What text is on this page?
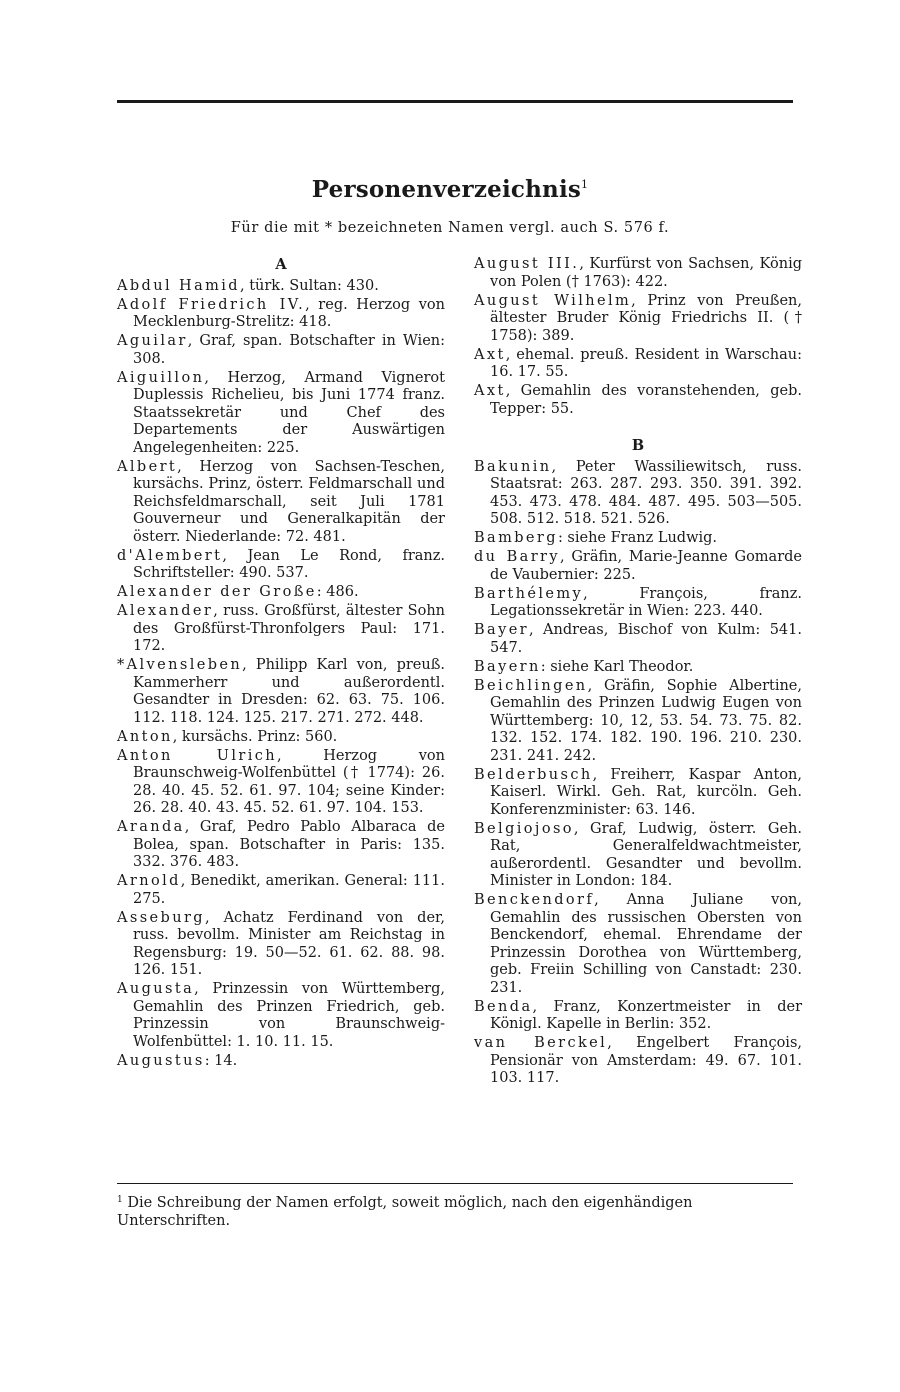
Personenverzeichnis$^1$
Für die mit * bezeichneten Namen vergl. auch S. 576 f.
A
Abdul Hamid, türk. Sultan: 430.
Adolf Friedrich IV., reg. Herzog von Mecklenburg-Strelitz: 418.
Aguilar, Graf, span. Botschafter in Wien: 308.
Aiguillon, Herzog, Armand Vignerot Duplessis Richelieu, bis Juni 1774 franz. Staatssekretär und Chef des Departements der Auswärtigen Angelegenheiten: 225.
Albert, Herzog von Sachsen-Teschen, kursächs. Prinz, österr. Feldmarschall und Reichsfeldmarschall, seit Juli 1781 Gouverneur und Generalkapitän der österr. Niederlande: 72. 481.
d'Alembert, Jean Le Rond, franz. Schriftsteller: 490. 537.
Alexander der Große: 486.
Alexander, russ. Großfürst, ältester Sohn des Großfürst-Thronfolgers Paul: 171. 172.
*Alvensleben, Philipp Karl von, preuß. Kammerherr und außerordentl. Gesandter in Dresden: 62. 63. 75. 106. 112. 118. 124. 125. 217. 271. 272. 448.
Anton, kursächs. Prinz: 560.
Anton Ulrich, Herzog von Braunschweig-Wolfenbüttel († 1774): 26. 28. 40. 45. 52. 61. 97. 104; seine Kinder: 26. 28. 40. 43. 45. 52. 61. 97. 104. 153.
Aranda, Graf, Pedro Pablo Albaraca de Bolea, span. Botschafter in Paris: 135. 332. 376. 483.
Arnold, Benedikt, amerikan. General: 111. 275.
Asseburg, Achatz Ferdinand von der, russ. bevollm. Minister am Reichstag in Regensburg: 19. 50—52. 61. 62. 88. 98. 126. 151.
Augusta, Prinzessin von Württemberg, Gemahlin des Prinzen Friedrich, geb. Prinzessin von Braunschweig-Wolfenbüttel: 1. 10. 11. 15.
Augustus: 14.
August III., Kurfürst von Sachsen, König von Polen († 1763): 422.
August Wilhelm, Prinz von Preußen, ältester Bruder König Friedrichs II. († 1758): 389.
Axt, ehemal. preuß. Resident in Warschau: 16. 17. 55.
Axt, Gemahlin des voranstehenden, geb. Tepper: 55.
B
Bakunin, Peter Wassiliewitsch, russ. Staatsrat: 263. 287. 293. 350. 391. 392. 453. 473. 478. 484. 487. 495. 503—505. 508. 512. 518. 521. 526.
Bamberg: siehe Franz Ludwig.
du Barry, Gräfin, Marie-Jeanne Gomarde de Vaubernier: 225.
Barthélemy, François, franz. Legationssekretär in Wien: 223. 440.
Bayer, Andreas, Bischof von Kulm: 541. 547.
Bayern: siehe Karl Theodor.
Beichlingen, Gräfin, Sophie Albertine, Gemahlin des Prinzen Ludwig Eugen von Württemberg: 10, 12, 53. 54. 73. 75. 82. 132. 152. 174. 182. 190. 196. 210. 230. 231. 241. 242.
Belderbusch, Freiherr, Kaspar Anton, Kaiserl. Wirkl. Geh. Rat, kurcöln. Geh. Konferenzminister: 63. 146.
Belgiojoso, Graf, Ludwig, österr. Geh. Rat, Generalfeldwachtmeister, außerordentl. Gesandter und bevollm. Minister in London: 184.
Benckendorf, Anna Juliane von, Gemahlin des russischen Obersten von Benckendorf, ehemal. Ehrendame der Prinzessin Dorothea von Württemberg, geb. Freiin Schilling von Canstadt: 230. 231.
Benda, Franz, Konzertmeister in der Königl. Kapelle in Berlin: 352.
van Berckel, Engelbert François, Pensionär von Amsterdam: 49. 67. 101. 103. 117.
$^1$ Die Schreibung der Namen erfolgt, soweit möglich, nach den eigenhändigen Unterschriften.
